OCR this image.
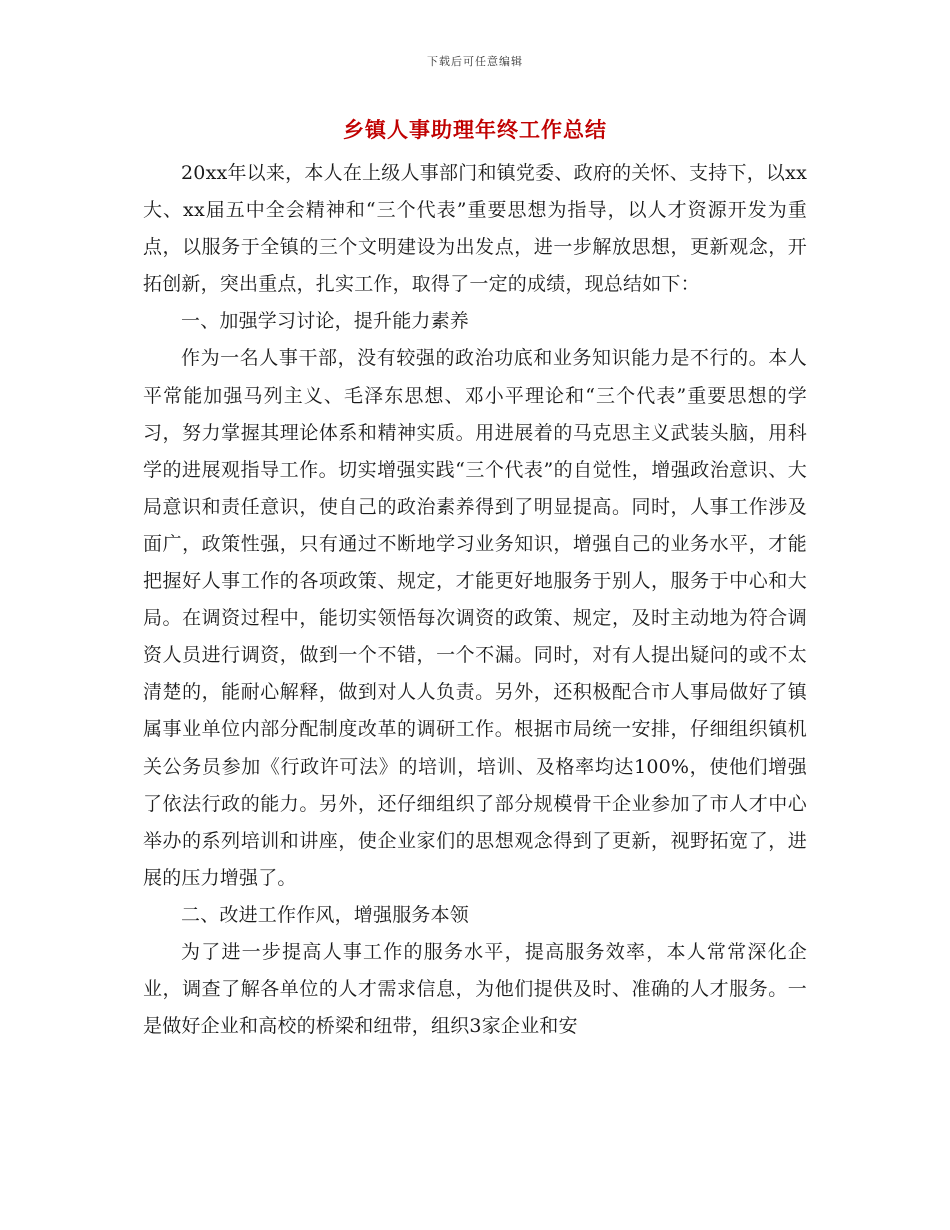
下载后可任意编辑
乡镇人事助理年终工作总结

20xx年以来，本人在上级人事部门和镇党委、政府的关怀、支持下，以xx大、xx届五中全会精神和“三个代表”重要思想为指导，以人才资源开发为重点，以服务于全镇的三个文明建设为出发点，进一步解放思想，更新观念，开拓创新，突出重点，扎实工作，取得了一定的成绩，现总结如下：

一、加强学习讨论，提升能力素养

作为一名人事干部，没有较强的政治功底和业务知识能力是不行的。本人平常能加强马列主义、毛泽东思想、邓小平理论和“三个代表”重要思想的学习，努力掌握其理论体系和精神实质。用进展着的马克思主义武装头脑，用科学的进展观指导工作。切实增强实践“三个代表”的自觉性，增强政治意识、大局意识和责任意识，使自己的政治素养得到了明显提高。同时，人事工作涉及面广，政策性强，只有通过不断地学习业务知识，增强自己的业务水平，才能把握好人事工作的各项政策、规定，才能更好地服务于别人，服务于中心和大局。在调资过程中，能切实领悟每次调资的政策、规定，及时主动地为符合调资人员进行调资，做到一个不错，一个不漏。同时，对有人提出疑问的或不太清楚的，能耐心解释，做到对人人负责。另外，还积极配合市人事局做好了镇属事业单位内部分配制度改革的调研工作。根据市局统一安排，仔细组织镇机关公务员参加《行政许可法》的培训，培训、及格率均达100%，使他们增强了依法行政的能力。另外，还仔细组织了部分规模骨干企业参加了市人才中心举办的系列培训和讲座，使企业家们的思想观念得到了更新，视野拓宽了，进展的压力增强了。

二、改进工作作风，增强服务本领

为了进一步提高人事工作的服务水平，提高服务效率，本人常常深化企业，调查了解各单位的人才需求信息，为他们提供及时、准确的人才服务。一是做好企业和高校的桥梁和纽带，组织3家企业和安
